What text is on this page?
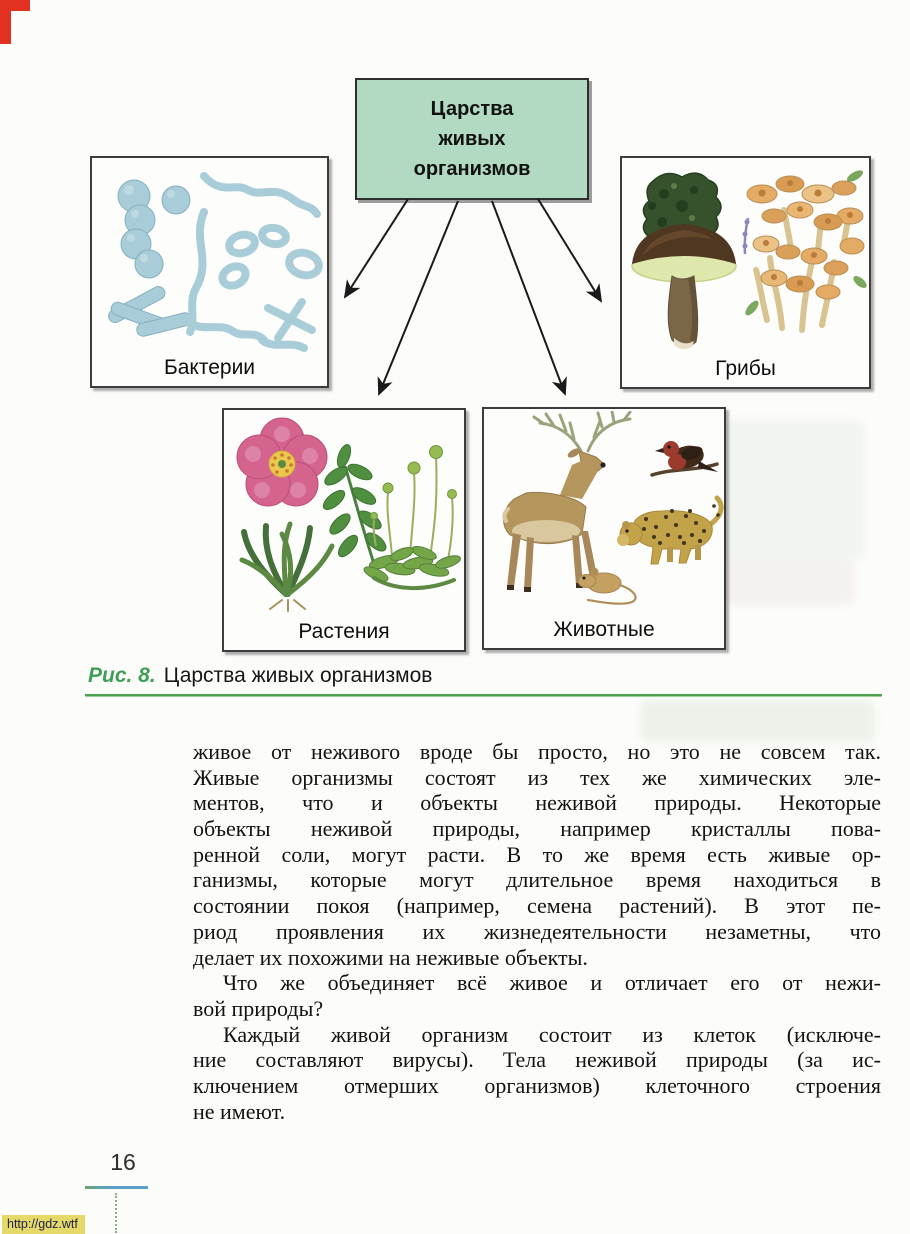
Царства живых организмов
Бактерии	Грибы
Растения	Животные
Рис. 8. Царства живых организмов
живое от неживого вроде бы просто, но это не совсем так.
Живые организмы состоят из тех же химических эле-
ментов, что и объекты неживой природы. Некоторые
объекты неживой природы, например кристаллы пова-
ренной соли, могут расти. В то же время есть живые ор-
ганизмы, которые могут длительное время находиться в
состоянии покоя (например, семена растений). В этот пе-
риод проявления их жизнедеятельности незаметны, что
делает их похожими на неживые объекты.
Что же объединяет всё живое и отличает его от нежи-
вой природы?
Каждый живой организм состоит из клеток (исключе-
ние составляют вирусы). Тела неживой природы (за ис-
ключением отмерших организмов) клеточного строения
не имеют.
16
http://gdz.wtf
